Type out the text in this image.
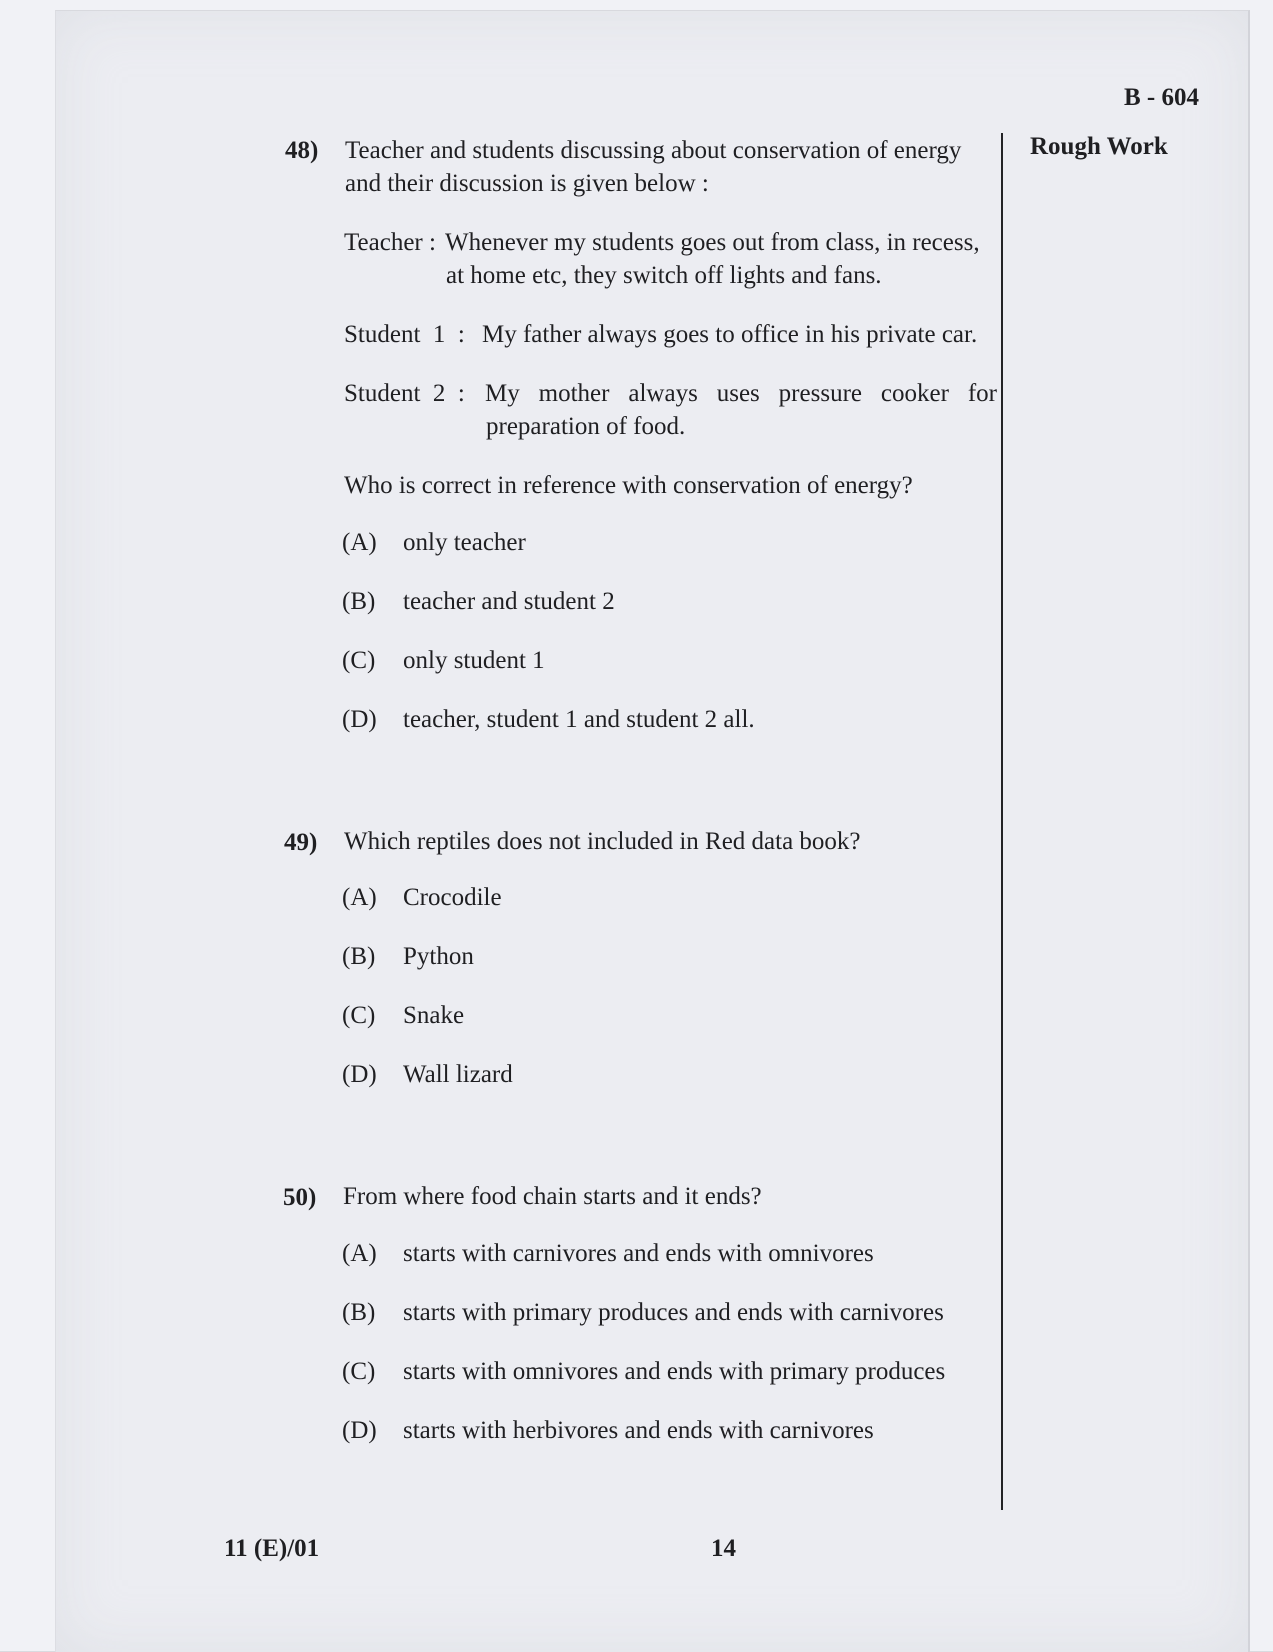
B - 604
Rough Work
48) Teacher and students discussing about conservation of energy
and their discussion is given below :
Teacher : Whenever my students goes out from class, in recess,
at home etc, they switch off lights and fans.
Student  1  : My father always goes to office in his private car.
Student  2  : My mother always uses pressure cooker for
preparation of food.
Who is correct in reference with conservation of energy?
(A) only teacher
(B) teacher and student 2
(C) only student 1
(D) teacher, student 1 and student 2 all.
49) Which reptiles does not included in Red data book?
(A) Crocodile
(B) Python
(C) Snake
(D) Wall lizard
50) From where food chain starts and it ends?
(A) starts with carnivores and ends with omnivores
(B) starts with primary produces and ends with carnivores
(C) starts with omnivores and ends with primary produces
(D) starts with herbivores and ends with carnivores
11 (E)/01	14
